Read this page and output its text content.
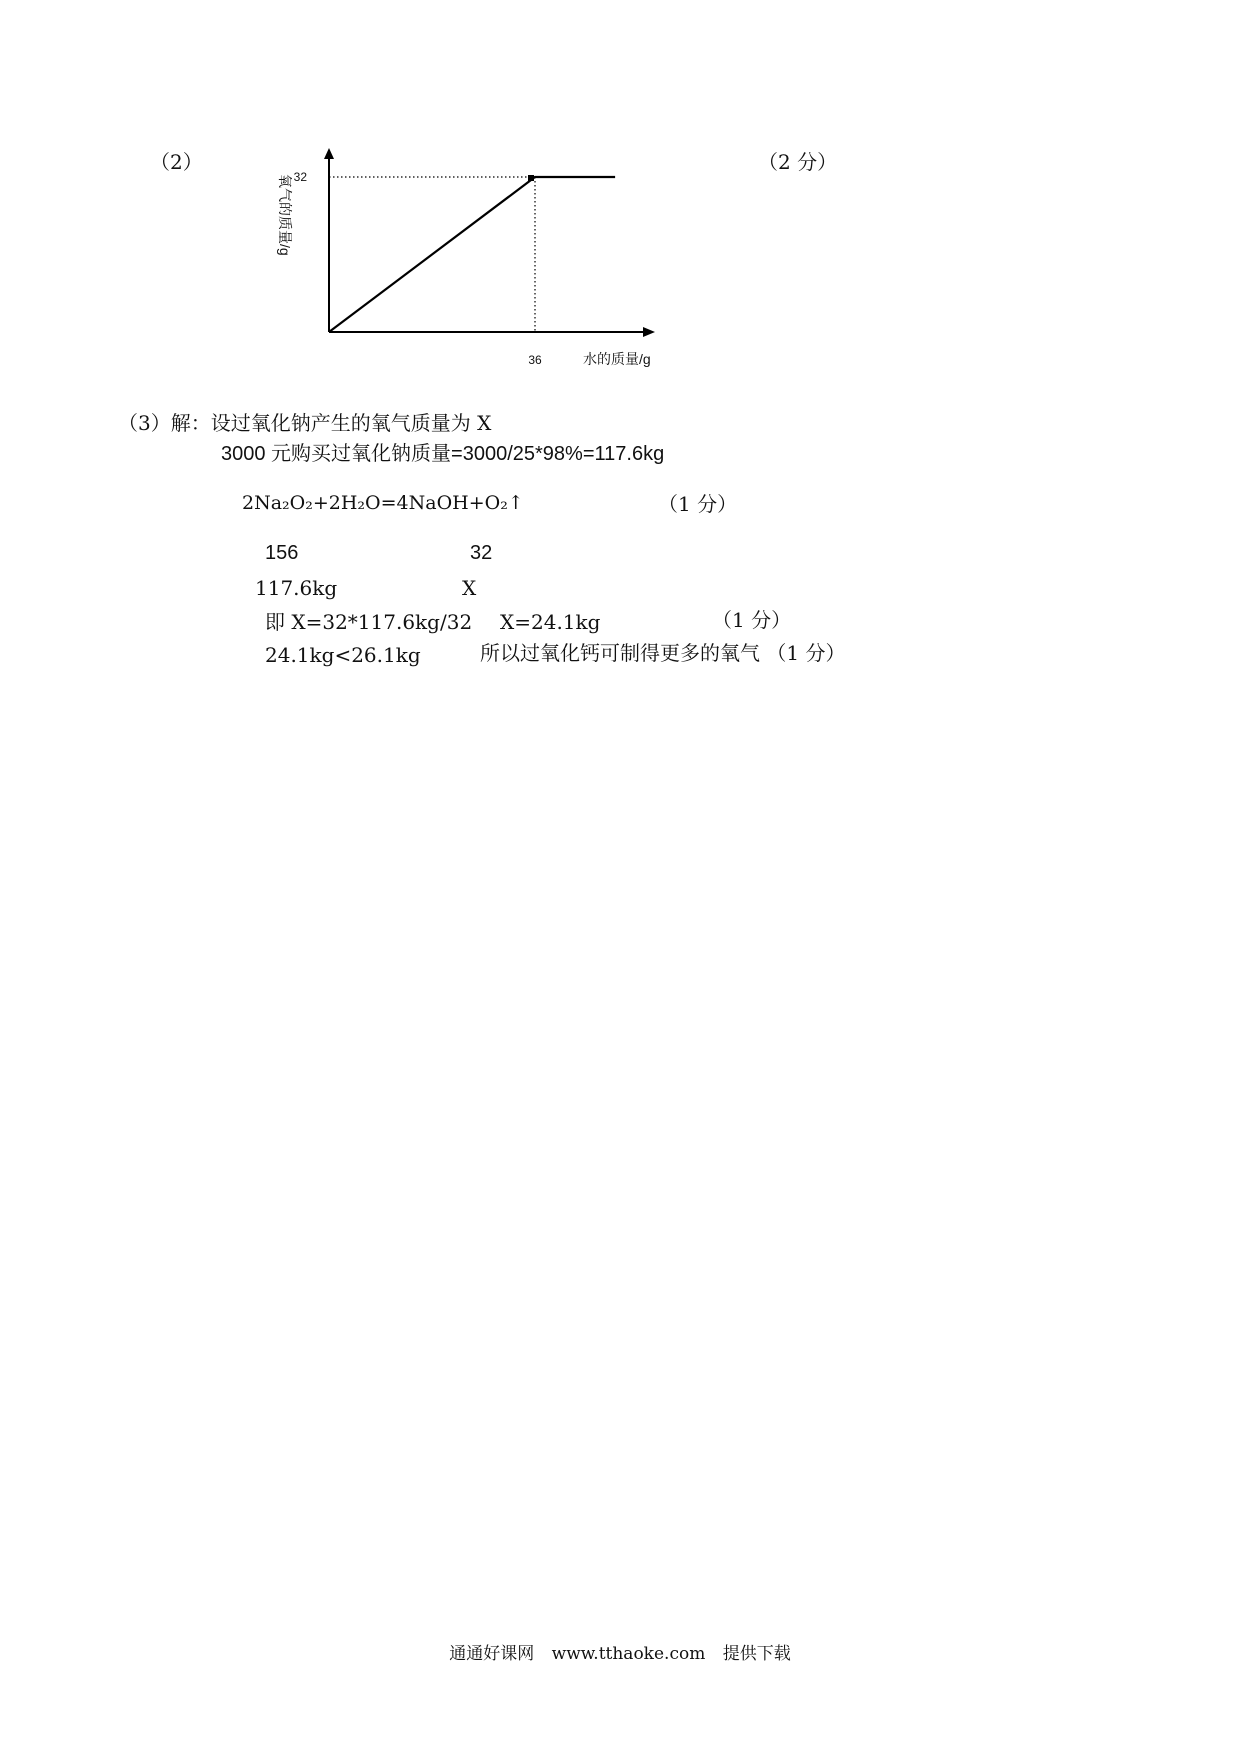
（2）	（2 分）
32
36	水的质量/g
氧气的质量/g
（3）解：设过氧化钠产生的氧气质量为 X
3000 元购买过氧化钠质量=3000/25*98%=117.6kg
2Na₂O₂+2H₂O=4NaOH+O₂↑	（1 分）
156	32
117.6kg	X
即 X=32*117.6kg/32 X=24.1kg	（1 分）
24.1kg<26.1kg	所以过氧化钙可制得更多的氧气 （1 分）
通通好课网 www.tthaoke.com 提供下载
